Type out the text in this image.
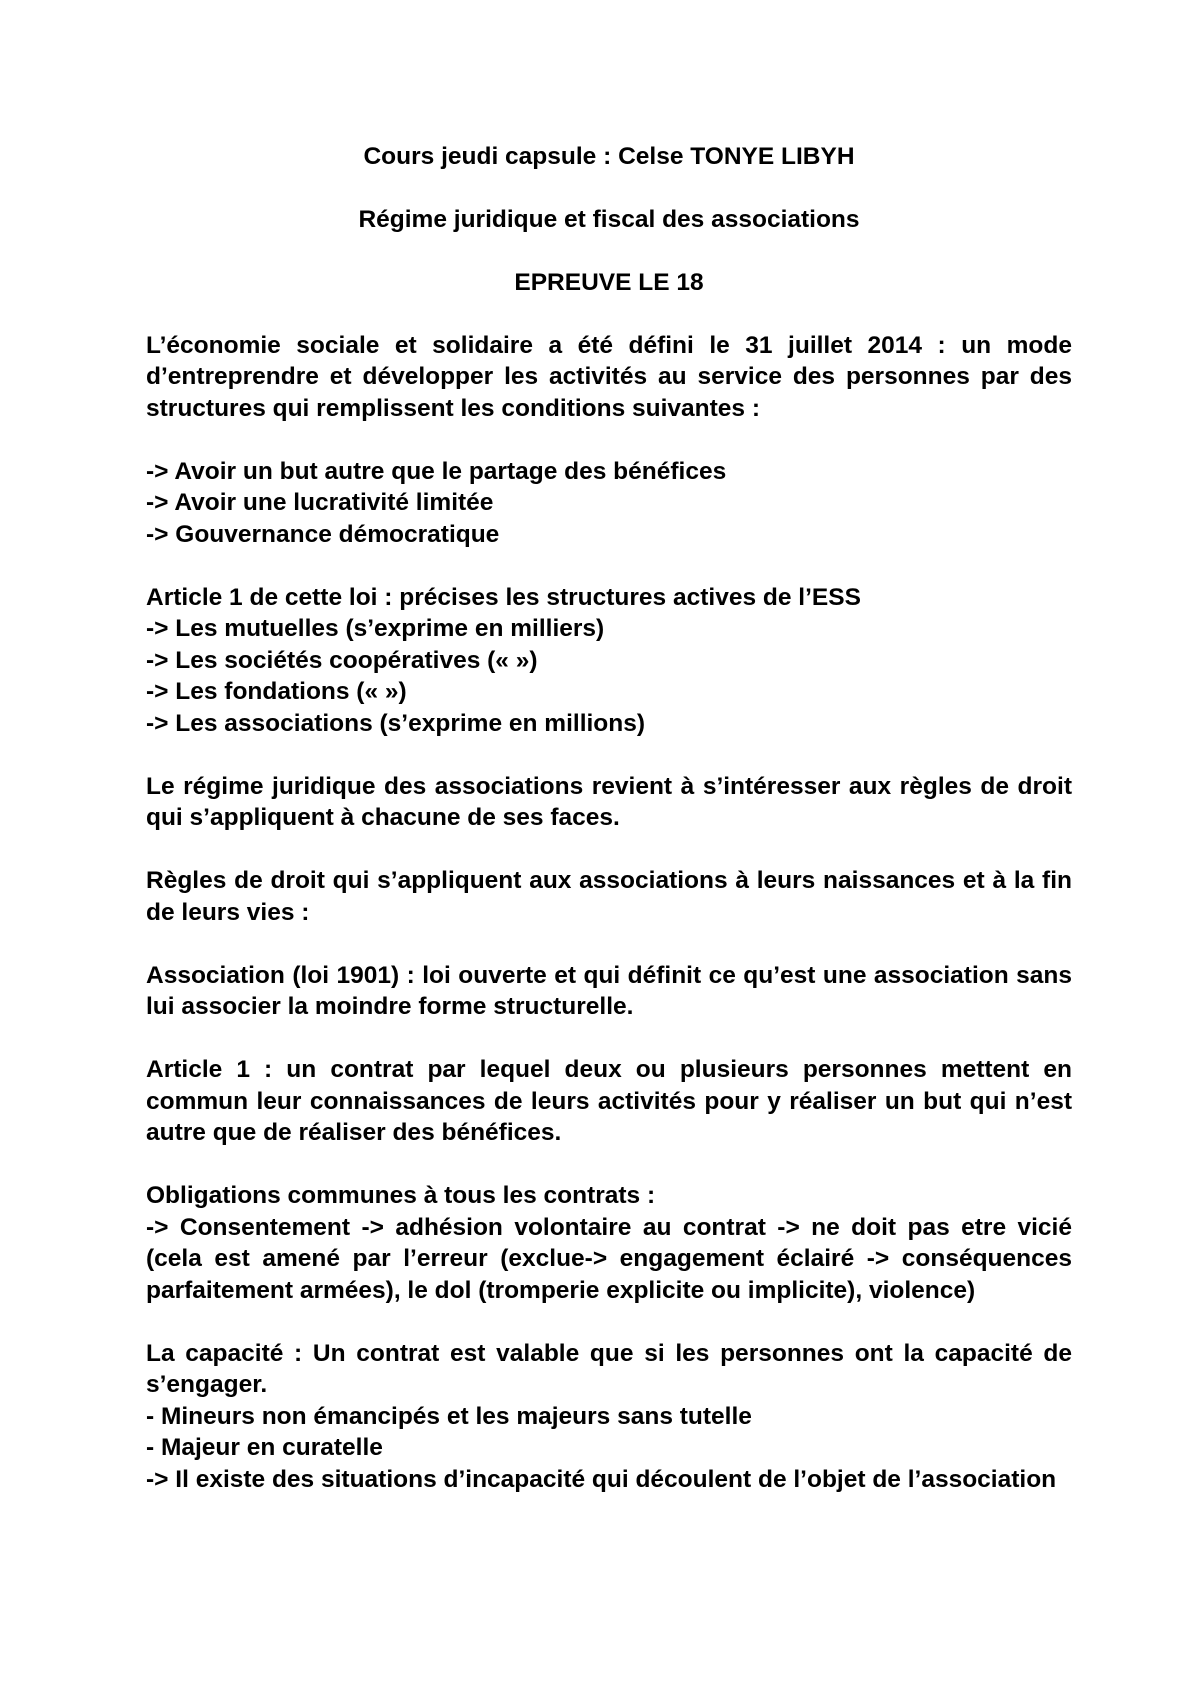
Cours jeudi capsule : Celse TONYE LIBYH

Régime juridique et fiscal des associations

EPREUVE LE 18

L’économie sociale et solidaire a été défini le 31 juillet 2014 : un mode d’entreprendre et développer les activités au service des personnes par des structures qui remplissent les conditions suivantes :

-> Avoir un but autre que le partage des bénéfices

-> Avoir une lucrativité limitée

-> Gouvernance démocratique

Article 1 de cette loi : précises les structures actives de l’ESS

-> Les mutuelles (s’exprime en milliers)

-> Les sociétés coopératives (« »)

-> Les fondations (« »)

-> Les associations (s’exprime en millions)

Le régime juridique des associations revient à s’intéresser aux règles de droit qui s’appliquent à chacune de ses faces.

Règles de droit qui s’appliquent aux associations à leurs naissances et à la fin de leurs vies :

Association (loi 1901) : loi ouverte et qui définit ce qu’est une association sans lui associer la moindre forme structurelle.

Article 1 : un contrat par lequel deux ou plusieurs personnes mettent en commun leur connaissances de leurs activités pour y réaliser un but qui n’est autre que de réaliser des bénéfices.

Obligations communes à tous les contrats :

-> Consentement -> adhésion volontaire au contrat -> ne doit pas etre vicié (cela est amené par l’erreur (exclue-> engagement éclairé -> conséquences parfaitement armées), le dol (tromperie explicite ou implicite), violence)

La capacité : Un contrat est valable que si les personnes ont la capacité de s’engager.

- Mineurs non émancipés et les majeurs sans tutelle

- Majeur en curatelle

-> Il existe des situations d’incapacité qui découlent de l’objet de l’association
